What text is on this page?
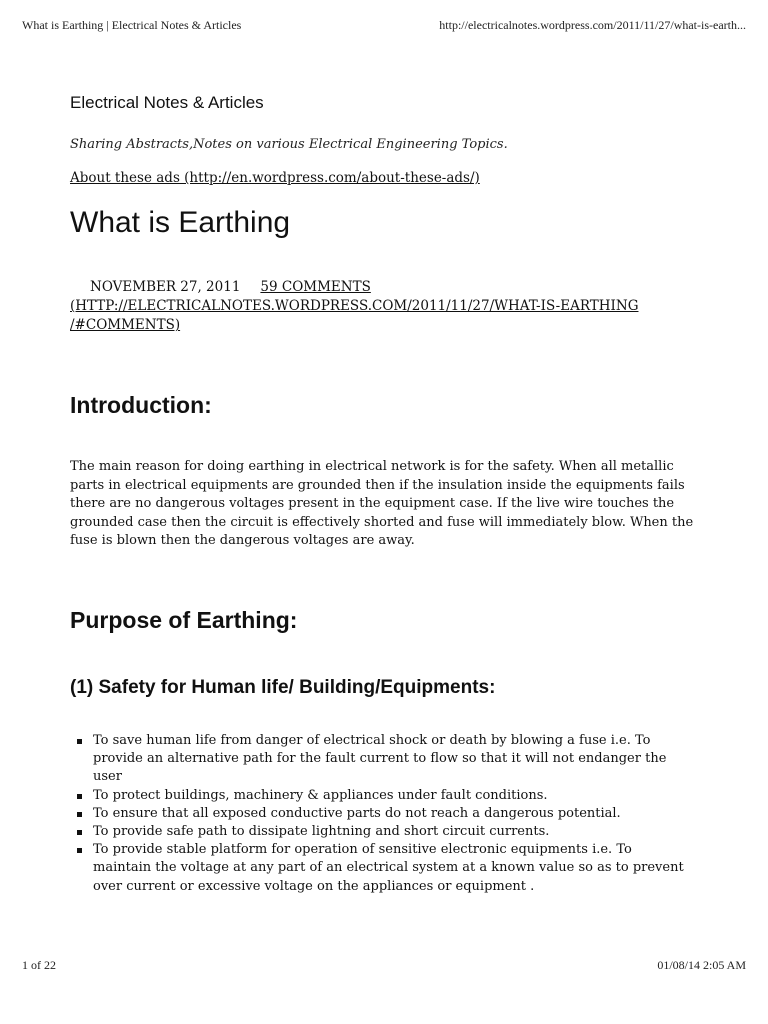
What is Earthing | Electrical Notes & Articles	http://electricalnotes.wordpress.com/2011/11/27/what-is-earth...
Electrical Notes & Articles
Sharing Abstracts,Notes on various Electrical Engineering Topics.
About these ads (http://en.wordpress.com/about-these-ads/)
What is Earthing
NOVEMBER 27, 2011 59 COMMENTS (HTTP://ELECTRICALNOTES.WORDPRESS.COM/2011/11/27/WHAT-IS-EARTHING /#COMMENTS)
Introduction:

The main reason for doing earthing in electrical network is for the safety. When all metallic parts in electrical equipments are grounded then if the insulation inside the equipments fails there are no dangerous voltages present in the equipment case. If the live wire touches the grounded case then the circuit is effectively shorted and fuse will immediately blow. When the fuse is blown then the dangerous voltages are away.

Purpose of Earthing:
(1) Safety for Human life/ Building/Equipments:
To save human life from danger of electrical shock or death by blowing a fuse i.e. To provide an alternative path for the fault current to flow so that it will not endanger the user
To protect buildings, machinery & appliances under fault conditions.
To ensure that all exposed conductive parts do not reach a dangerous potential.
To provide safe path to dissipate lightning and short circuit currents.
To provide stable platform for operation of sensitive electronic equipments i.e. To maintain the voltage at any part of an electrical system at a known value so as to prevent over current or excessive voltage on the appliances or equipment .
1 of 22	01/08/14 2:05 AM
